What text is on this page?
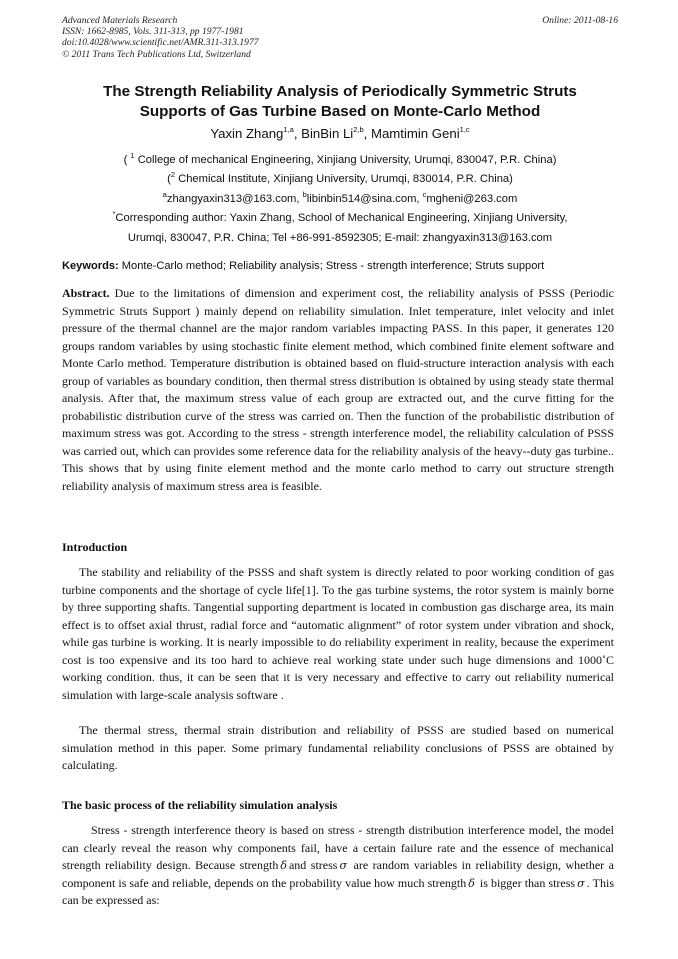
Advanced Materials Research
ISSN: 1662-8985, Vols. 311-313, pp 1977-1981
doi:10.4028/www.scientific.net/AMR.311-313.1977
© 2011 Trans Tech Publications Ltd, Switzerland
Online: 2011-08-16
The Strength Reliability Analysis of Periodically Symmetric Struts
Supports of Gas Turbine Based on Monte-Carlo Method
Yaxin Zhang$^{1,a}$, BinBin Li$^{2,b}$, Mamtimin Geni$^{1,c}$
( $^1$ College of mechanical Engineering, Xinjiang University, Urumqi, 830047, P.R. China)
($^2$ Chemical Institute, Xinjiang University, Urumqi, 830014, P.R. China)
$^a$zhangyaxin313@163.com, $^b$libinbin514@sina.com, $^c$mgheni@263.com
*Corresponding author: Yaxin Zhang, School of Mechanical Engineering, Xinjiang University,
Urumqi, 830047, P.R. China; Tel +86-991-8592305; E-mail: zhangyaxin313@163.com
Keywords: Monte-Carlo method; Reliability analysis; Stress - strength interference; Struts support
Abstract. Due to the limitations of dimension and experiment cost, the reliability analysis of PSSS (Periodic Symmetric Struts Support ) mainly depend on reliability simulation. Inlet temperature, inlet velocity and inlet pressure of the thermal channel are the major random variables impacting PASS. In this paper, it generates 120 groups random variables by using stochastic finite element method, which combined finite element software and Monte Carlo method. Temperature distribution is obtained based on fluid-structure interaction analysis with each group of variables as boundary condition, then thermal stress distribution is obtained by using steady state thermal analysis. After that, the maximum stress value of each group are extracted out, and the curve fitting for the probabilistic distribution curve of the stress was carried on. Then the function of the probabilistic distribution of maximum stress was got. According to the stress - strength interference model, the reliability calculation of PSSS was carried out, which can provides some reference data for the reliability analysis of the heavy--duty gas turbine.. This shows that by using finite element method and the monte carlo method to carry out structure strength reliability analysis of maximum stress area is feasible.
Introduction
The stability and reliability of the PSSS and shaft system is directly related to poor working condition of gas turbine components and the shortage of cycle life[1]. To the gas turbine systems, the rotor system is mainly borne by three supporting shafts. Tangential supporting department is located in combustion gas discharge area, its main effect is to offset axial thrust, radial force and “automatic alignment” of rotor system under vibration and shock, while gas turbine is working. It is nearly impossible to do reliability experiment in reality, because the experiment cost is too expensive and its too hard to achieve real working state under such huge dimensions and 1000˚C working condition. thus, it can be seen that it is very necessary and effective to carry out reliability numerical simulation with large-scale analysis software .
The thermal stress, thermal strain distribution and reliability of PSSS are studied based on numerical simulation method in this paper. Some primary fundamental reliability conclusions of PSSS are obtained by calculating.
The basic process of the reliability simulation analysis
Stress - strength interference theory is based on stress - strength distribution interference model, the model can clearly reveal the reason why components fail, have a certain failure rate and the essence of mechanical strength reliability design. Because strength δ and stress σ are random variables in reliability design, whether a component is safe and reliable, depends on the probability value how much strength δ is bigger than stress σ . This can be expressed as:
